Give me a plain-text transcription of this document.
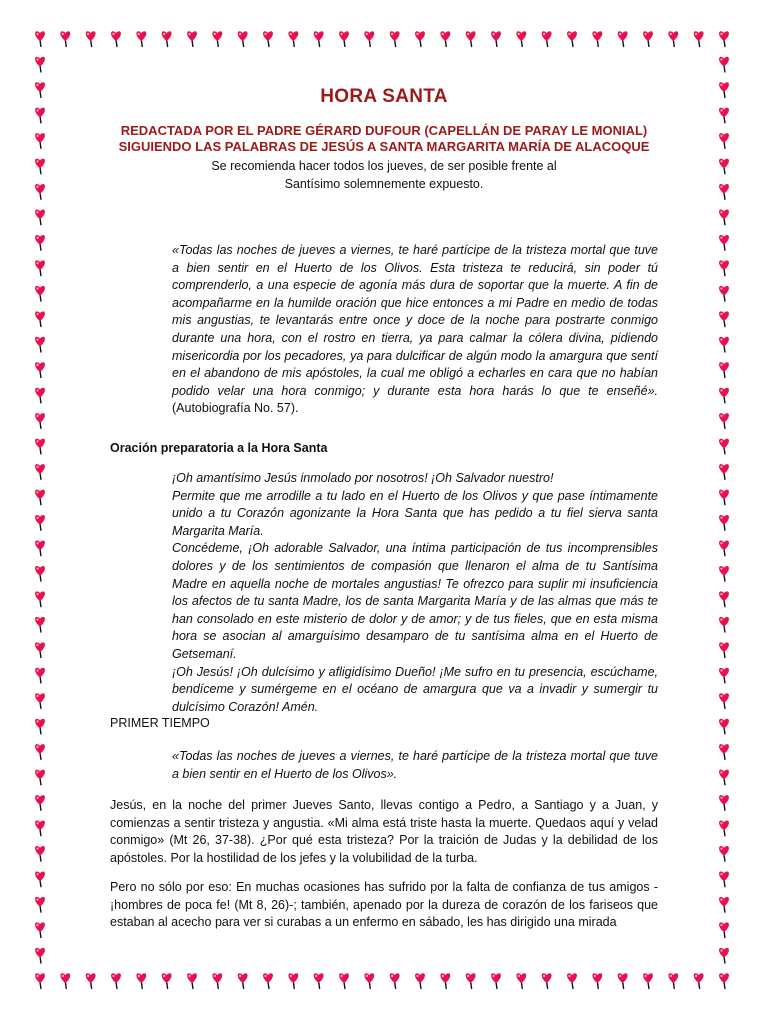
HORA SANTA
REDACTADA POR EL PADRE GÉRARD DUFOUR (CAPELLÁN DE PARAY LE MONIAL)
SIGUIENDO LAS PALABRAS DE JESÚS A SANTA MARGARITA MARÍA DE ALACOQUE
Se recomienda hacer todos los jueves, de ser posible frente al
Santísimo solemnemente expuesto.

«Todas las noches de jueves a viernes, te haré partícipe de la tristeza mortal que tuve a bien sentir en el Huerto de los Olivos. Esta tristeza te reducirá, sin poder tú comprenderlo, a una especie de agonía más dura de soportar que la muerte. A fin de acompañarme en la humilde oración que hice entonces a mi Padre en medio de todas mis angustias, te levantarás entre once y doce de la noche para postrarte conmigo durante una hora, con el rostro en tierra, ya para calmar la cólera divina, pidiendo misericordia por los pecadores, ya para dulcificar de algún modo la amargura que sentí en el abandono de mis apóstoles, la cual me obligó a echarles en cara que no habían podido velar una hora conmigo; y durante esta hora harás lo que te enseñé». (Autobiografía No. 57).

Oración preparatoria a la Hora Santa

¡Oh amantísimo Jesús inmolado por nosotros! ¡Oh Salvador nuestro!

Permite que me arrodille a tu lado en el Huerto de los Olivos y que pase íntimamente unido a tu Corazón agonizante la Hora Santa que has pedido a tu fiel sierva santa Margarita María.

Concédeme, ¡Oh adorable Salvador, una íntima participación de tus incomprensibles dolores y de los sentimientos de compasión que llenaron el alma de tu Santísima Madre en aquella noche de mortales angustias! Te ofrezco para suplir mi insuficiencia los afectos de tu santa Madre, los de santa Margarita María y de las almas que más te han consolado en este misterio de dolor y de amor; y de tus fieles, que en esta misma hora se asocian al amarguísimo desamparo de tu santísima alma en el Huerto de Getsemaní.

¡Oh Jesús! ¡Oh dulcísimo y afligidísimo Dueño! ¡Me sufro en tu presencia, escúchame, bendíceme y sumérgeme en el océano de amargura que va a invadir y sumergir tu dulcísimo Corazón! Amén.

PRIMER TIEMPO

«Todas las noches de jueves a viernes, te haré partícipe de la tristeza mortal que tuve a bien sentir en el Huerto de los Olivos».

Jesús, en la noche del primer Jueves Santo, llevas contigo a Pedro, a Santiago y a Juan, y comienzas a sentir tristeza y angustia. «Mi alma está triste hasta la muerte. Quedaos aquí y velad conmigo» (Mt 26, 37-38). ¿Por qué esta tristeza? Por la traición de Judas y la debilidad de los apóstoles. Por la hostilidad de los jefes y la volubilidad de la turba.

Pero no sólo por eso: En muchas ocasiones has sufrido por la falta de confianza de tus amigos -¡hombres de poca fe! (Mt 8, 26)-; también, apenado por la dureza de corazón de los fariseos que estaban al acecho para ver si curabas a un enfermo en sábado, les has dirigido una mirada
